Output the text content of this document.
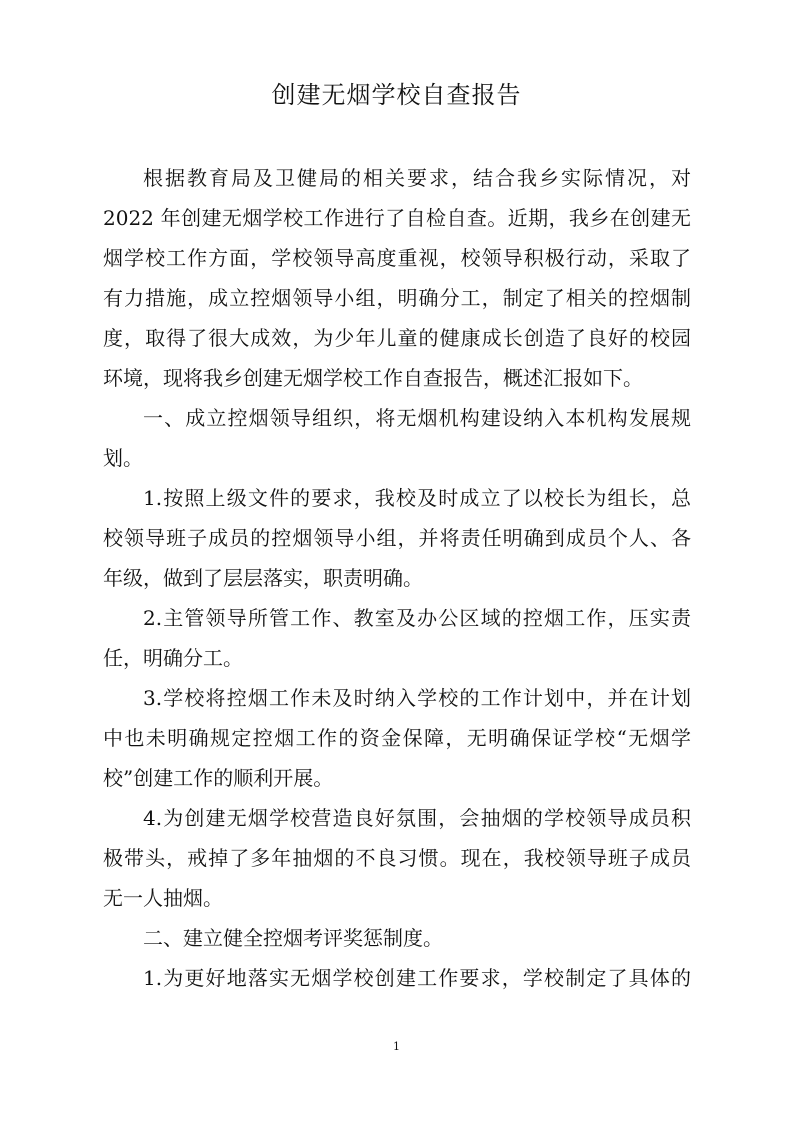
创建无烟学校自查报告
根据教育局及卫健局的相关要求，结合我乡实际情况，对
2022 年创建无烟学校工作进行了自检自查。近期，我乡在创建无
烟学校工作方面，学校领导高度重视，校领导积极行动，采取了
有力措施，成立控烟领导小组，明确分工，制定了相关的控烟制
度，取得了很大成效，为少年儿童的健康成长创造了良好的校园
环境，现将我乡创建无烟学校工作自查报告，概述汇报如下。
一、成立控烟领导组织，将无烟机构建设纳入本机构发展规
划。
1.按照上级文件的要求，我校及时成立了以校长为组长，总
校领导班子成员的控烟领导小组，并将责任明确到成员个人、各
年级，做到了层层落实，职责明确。
2.主管领导所管工作、教室及办公区域的控烟工作，压实责
任，明确分工。
3.学校将控烟工作未及时纳入学校的工作计划中，并在计划
中也未明确规定控烟工作的资金保障，无明确保证学校“无烟学
校”创建工作的顺利开展。
4.为创建无烟学校营造良好氛围，会抽烟的学校领导成员积
极带头，戒掉了多年抽烟的不良习惯。现在，我校领导班子成员
无一人抽烟。
二、建立健全控烟考评奖惩制度。
1.为更好地落实无烟学校创建工作要求，学校制定了具体的
1
